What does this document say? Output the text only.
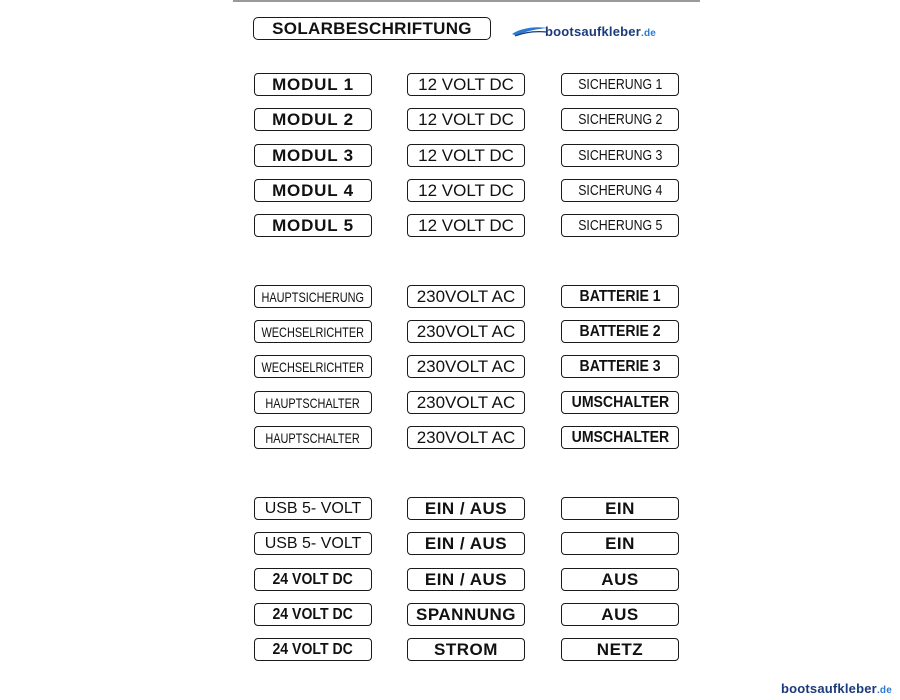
SOLARBESCHRIFTUNG	bootsaufkleber.de
MODUL 1	12 VOLT DC	SICHERUNG 1
MODUL 2	12 VOLT DC	SICHERUNG 2
MODUL 3	12 VOLT DC	SICHERUNG 3
MODUL 4	12 VOLT DC	SICHERUNG 4
MODUL 5	12 VOLT DC	SICHERUNG 5
HAUPTSICHERUNG	230VOLT AC	BATTERIE 1
WECHSELRICHTER	230VOLT AC	BATTERIE 2
WECHSELRICHTER	230VOLT AC	BATTERIE 3
HAUPTSCHALTER	230VOLT AC	UMSCHALTER
HAUPTSCHALTER	230VOLT AC	UMSCHALTER
USB 5- VOLT	EIN / AUS	EIN
USB 5- VOLT	EIN / AUS	EIN
24 VOLT DC	EIN / AUS	AUS
24 VOLT DC	SPANNUNG	AUS
24 VOLT DC	STROM	NETZ
bootsaufkleber.de
